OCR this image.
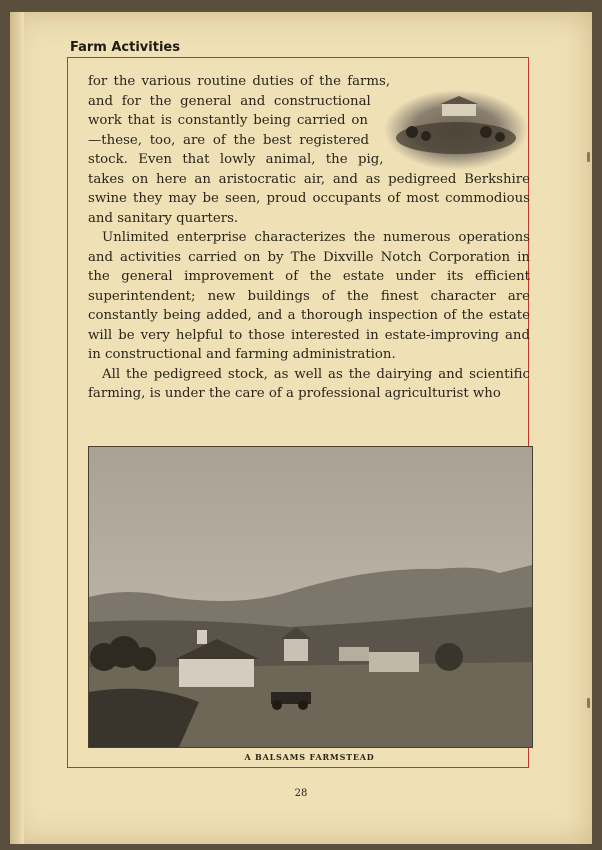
Farm Activities

for the various routine duties of the farms, and for the general and constructional work that is constantly being carried on—these, too, are of the best registered stock. Even that lowly animal, the pig, takes on here an aristocratic air, and as pedigreed Berkshire swine they may be seen, proud occupants of most commodious and sanitary quarters.

Unlimited enterprise characterizes the numerous operations and activities carried on by The Dixville Notch Corporation in the general improvement of the estate under its efficient superintendent; new buildings of the finest character are constantly being added, and a thorough inspection of the estate will be very helpful to those interested in estate-improving and in constructional and farming administration.

All the pedigreed stock, as well as the dairying and scientific farming, is under the care of a professional agriculturist who

A BALSAMS FARMSTEAD
28
